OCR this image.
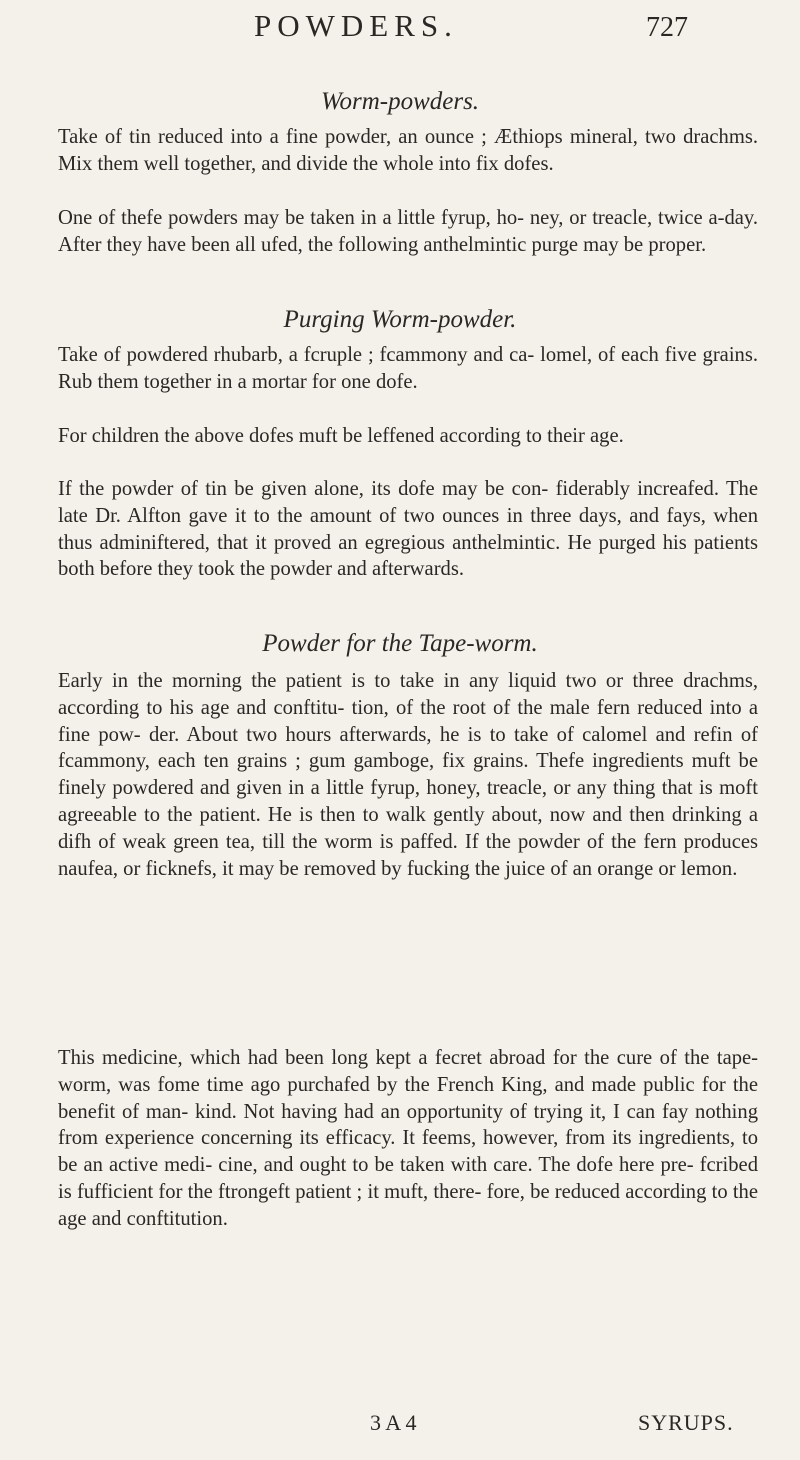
POWDERS.	727
Worm-powders.

Take of tin reduced into a fine powder, an ounce ; Æthiops mineral, two drachms. Mix them well together, and divide the whole into fix dofes.

One of thefe powders may be taken in a little fyrup, ho- ney, or treacle, twice a-day. After they have been all ufed, the following anthelmintic purge may be proper.

Purging Worm-powder.

Take of powdered rhubarb, a fcruple ; fcammony and ca- lomel, of each five grains. Rub them together in a mortar for one dofe.

For children the above dofes muft be leffened according to their age.

If the powder of tin be given alone, its dofe may be con- fiderably increafed. The late Dr. Alfton gave it to the amount of two ounces in three days, and fays, when thus adminiftered, that it proved an egregious anthelmintic. He purged his patients both before they took the powder and afterwards.

Powder for the Tape-worm.

Early in the morning the patient is to take in any liquid two or three drachms, according to his age and conftitu- tion, of the root of the male fern reduced into a fine pow- der. About two hours afterwards, he is to take of calomel and refin of fcammony, each ten grains ; gum gamboge, fix grains. Thefe ingredients muft be finely powdered and given in a little fyrup, honey, treacle, or any thing that is moft agreeable to the patient. He is then to walk gently about, now and then drinking a difh of weak green tea, till the worm is paffed. If the powder of the fern produces naufea, or ficknefs, it may be removed by fucking the juice of an orange or lemon.

This medicine, which had been long kept a fecret abroad for the cure of the tape-worm, was fome time ago purchafed by the French King, and made public for the benefit of man- kind. Not having had an opportunity of trying it, I can fay nothing from experience concerning its efficacy. It feems, however, from its ingredients, to be an active medi- cine, and ought to be taken with care. The dofe here pre- fcribed is fufficient for the ftrongeft patient ; it muft, there- fore, be reduced according to the age and conftitution.

3 A 4	SYRUPS.
